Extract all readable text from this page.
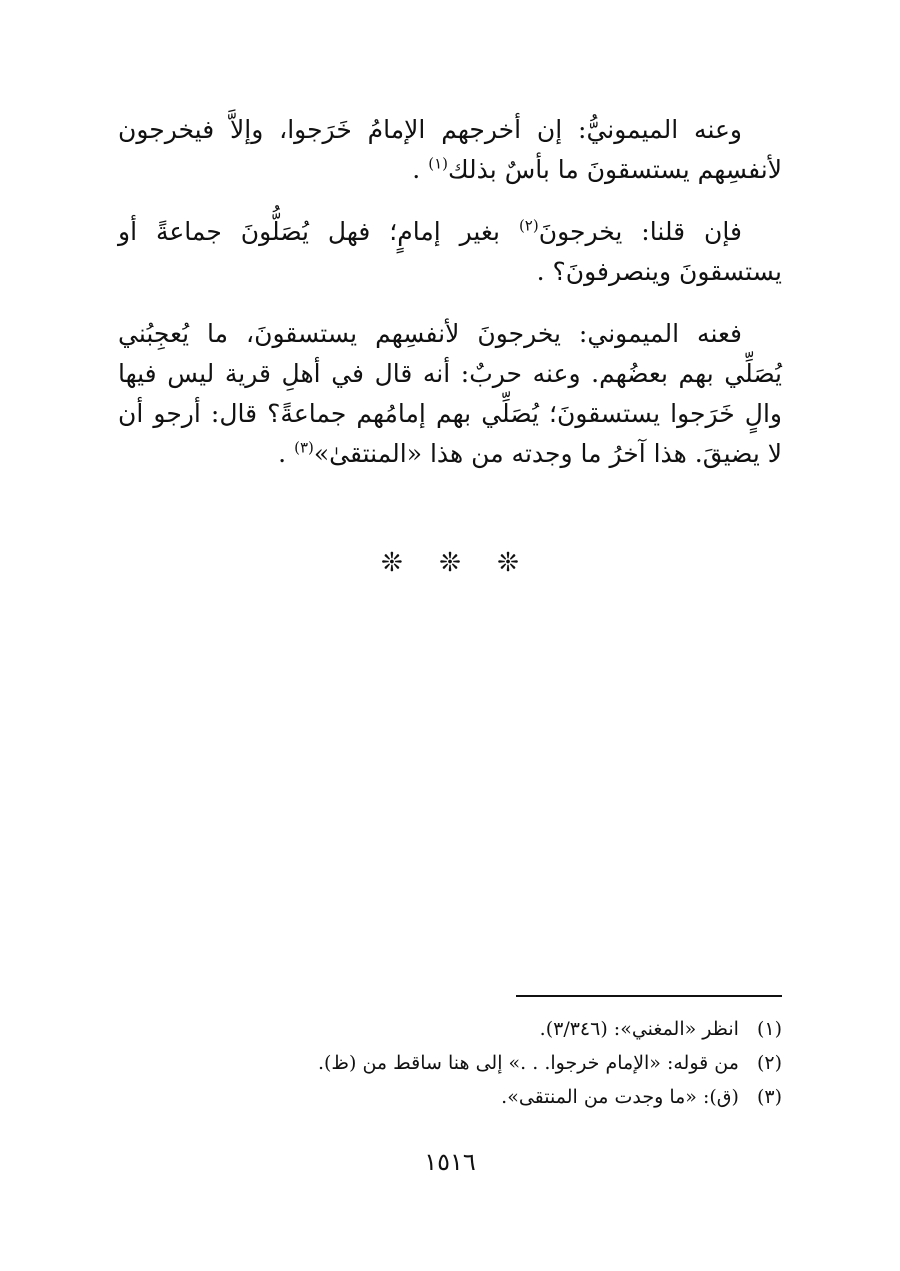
وعنه الميمونيُّ: إن أخرجهم الإمامُ خَرَجوا، وإلاَّ فيخرجون لأنفسِهم يستسقونَ ما بأسٌ بذلك$^{(١)}$ .

فإن قلنا: يخرجونَ$^{(٢)}$ بغير إمامٍ؛ فهل يُصَلُّونَ جماعةً أو يستسقونَ وينصرفونَ؟ .

فعنه الميموني: يخرجونَ لأنفسِهم يستسقونَ، ما يُعجِبُني يُصَلِّي بهم بعضُهم. وعنه حربٌ: أنه قال في أهلِ قرية ليس فيها والٍ خَرَجوا يستسقونَ؛ يُصَلِّي بهم إمامُهم جماعةً؟ قال: أرجو أن لا يضيقَ. هذا آخرُ ما وجدته من هذا «المنتقىٰ»$^{(٣)}$ .

❊ ❊ ❊
(١)انظر «المغني»: (٣/٣٤٦).
(٢)من قوله: «الإمام خرجوا. . .» إلى هنا ساقط من (ظ).
(٣)(ق): «ما وجدت من المنتقى».
١٥١٦
